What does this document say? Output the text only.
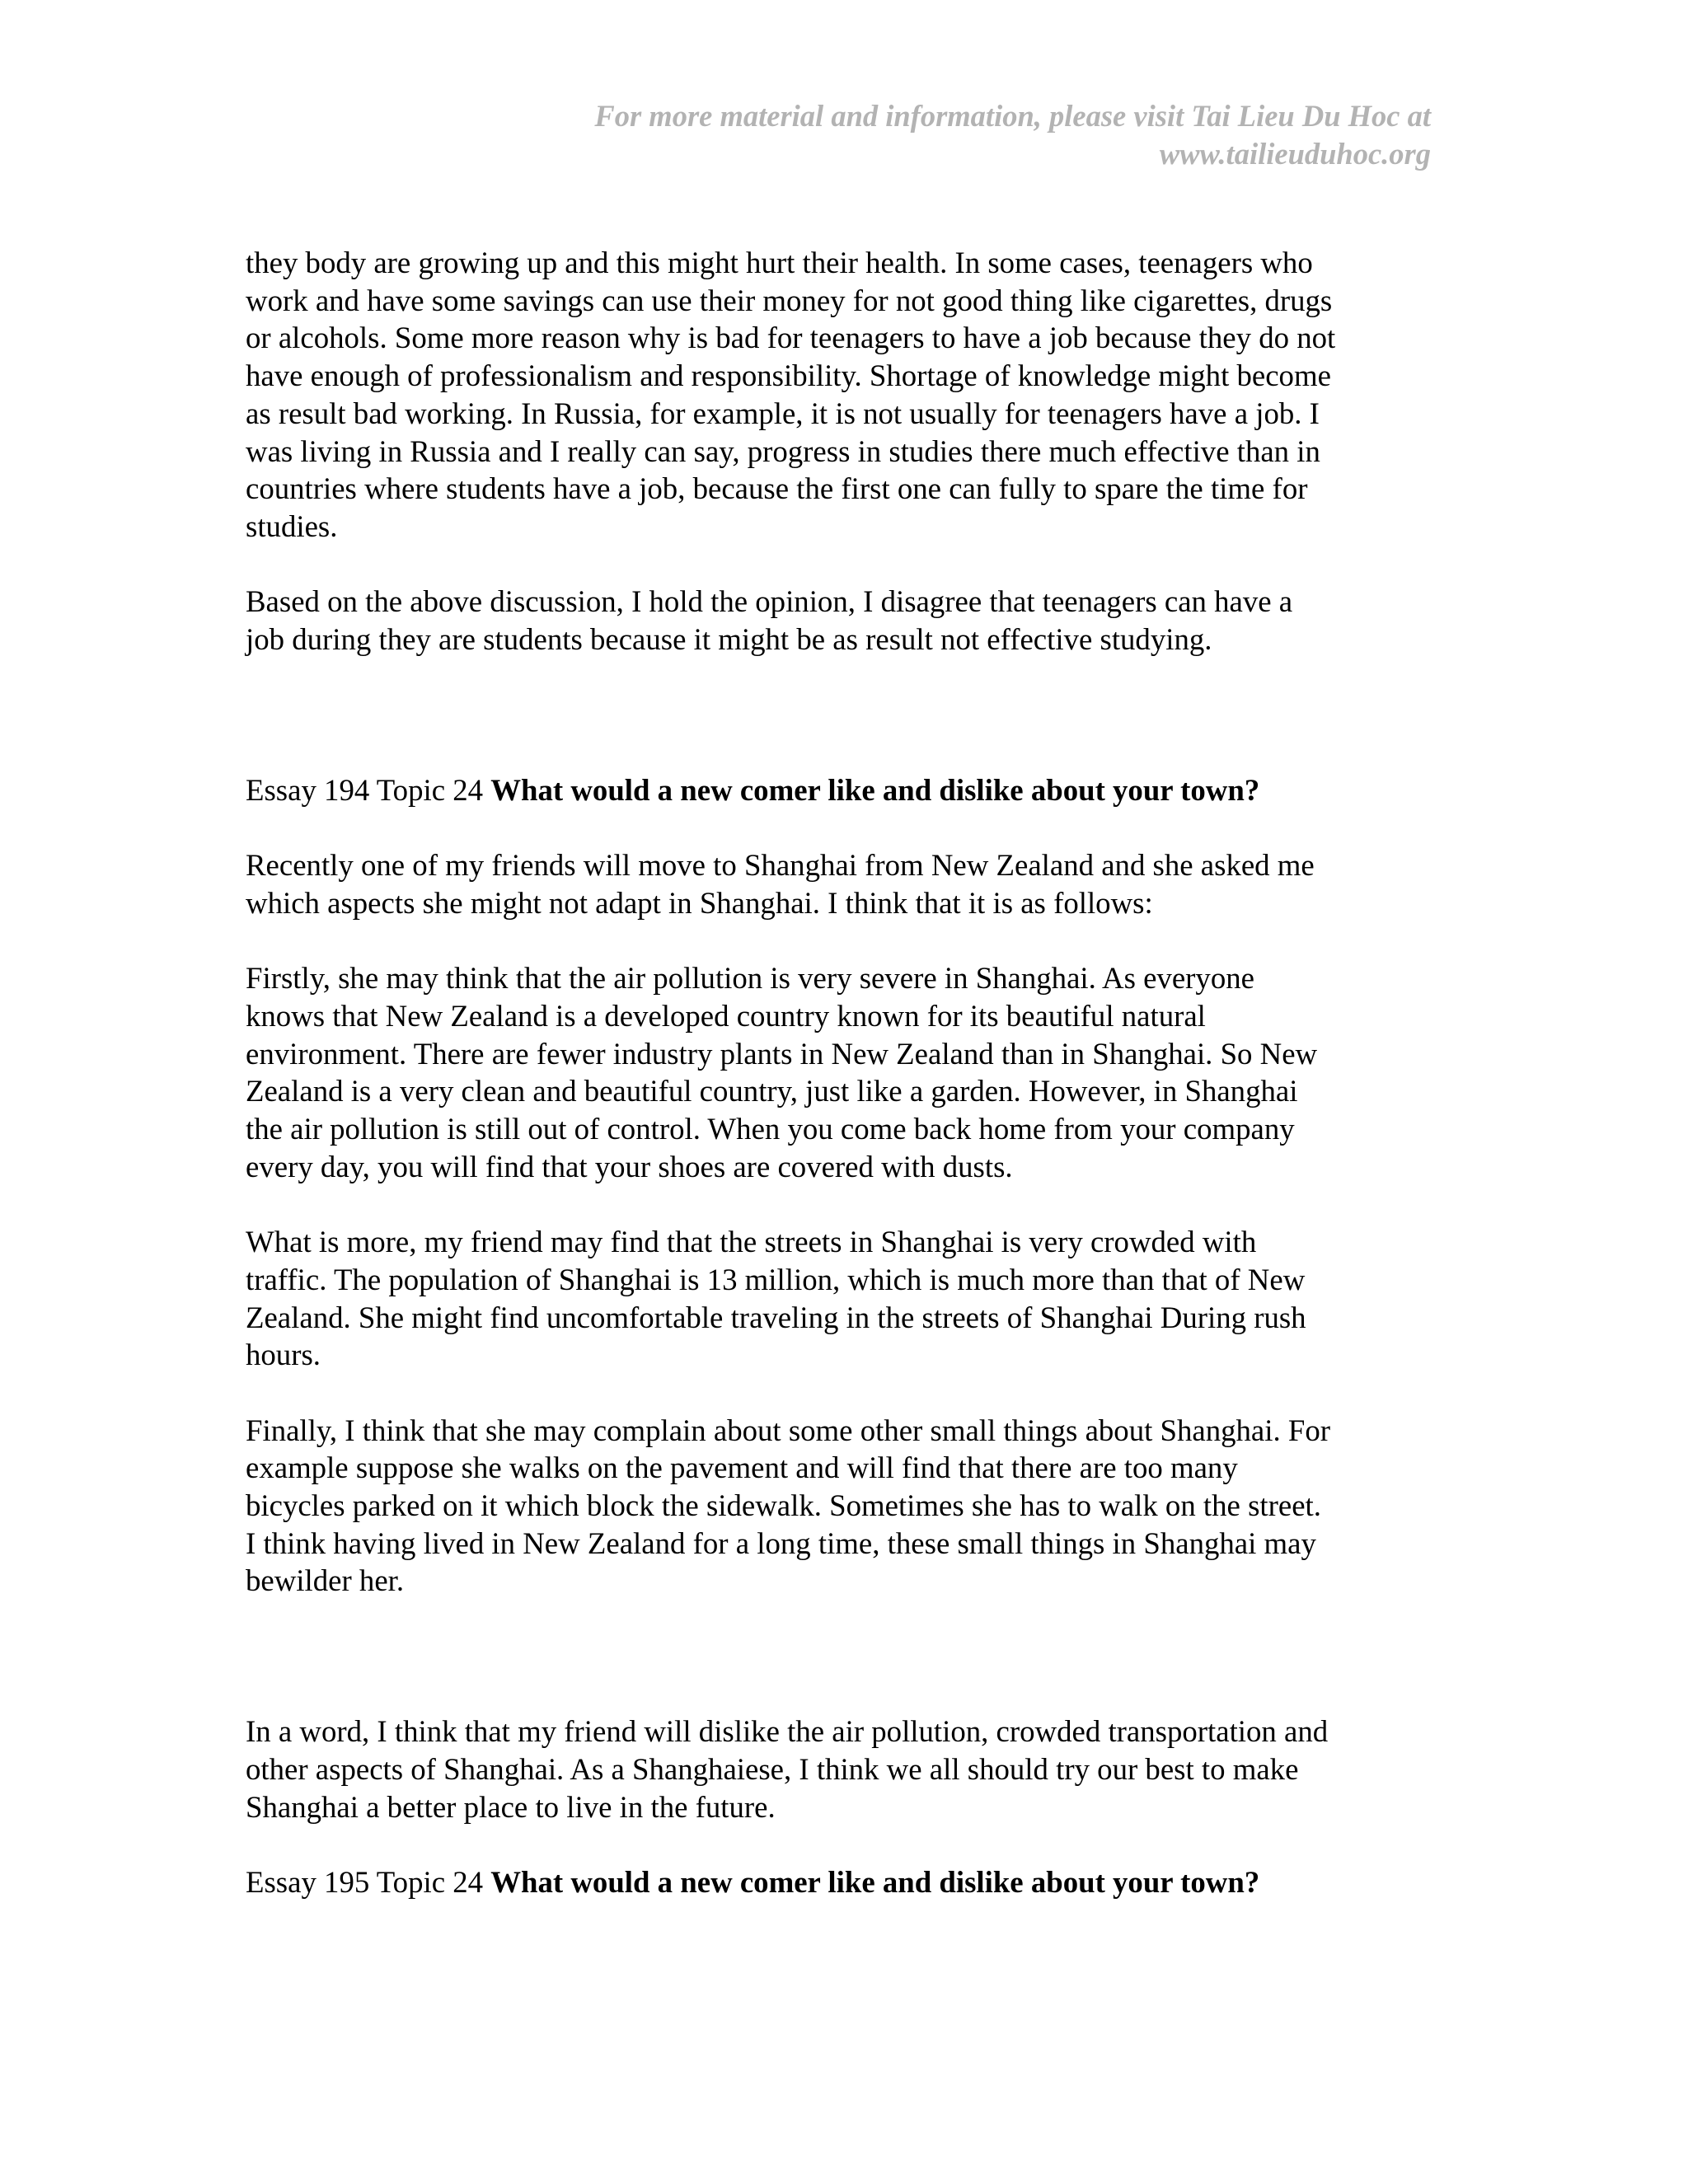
For more material and information, please visit Tai Lieu Du Hoc at
www.tailieuduhoc.org

they body are growing up and this might hurt their health. In some cases, teenagers who
work and have some savings can use their money for not good thing like cigarettes, drugs
or alcohols. Some more reason why is bad for teenagers to have a job because they do not
have enough of professionalism and responsibility. Shortage of knowledge might become
as result bad working. In Russia, for example, it is not usually for teenagers have a job. I
was living in Russia and I really can say, progress in studies there much effective than in
countries where students have a job, because the first one can fully to spare the time for
studies.

Based on the above discussion, I hold the opinion, I disagree that teenagers can have a
job during they are students because it might be as result not effective studying.

Essay 194 Topic 24 What would a new comer like and dislike about your town?

Recently one of my friends will move to Shanghai from New Zealand and she asked me
which aspects she might not adapt in Shanghai. I think that it is as follows:

Firstly, she may think that the air pollution is very severe in Shanghai. As everyone
knows that New Zealand is a developed country known for its beautiful natural
environment. There are fewer industry plants in New Zealand than in Shanghai. So New
Zealand is a very clean and beautiful country, just like a garden. However, in Shanghai
the air pollution is still out of control. When you come back home from your company
every day, you will find that your shoes are covered with dusts.

What is more, my friend may find that the streets in Shanghai is very crowded with
traffic. The population of Shanghai is 13 million, which is much more than that of New
Zealand. She might find uncomfortable traveling in the streets of Shanghai During rush
hours.

Finally, I think that she may complain about some other small things about Shanghai. For
example suppose she walks on the pavement and will find that there are too many
bicycles parked on it which block the sidewalk. Sometimes she has to walk on the street.
I think having lived in New Zealand for a long time, these small things in Shanghai may
bewilder her.

In a word, I think that my friend will dislike the air pollution, crowded transportation and
other aspects of Shanghai. As a Shanghaiese, I think we all should try our best to make
Shanghai a better place to live in the future.

Essay 195 Topic 24 What would a new comer like and dislike about your town?
